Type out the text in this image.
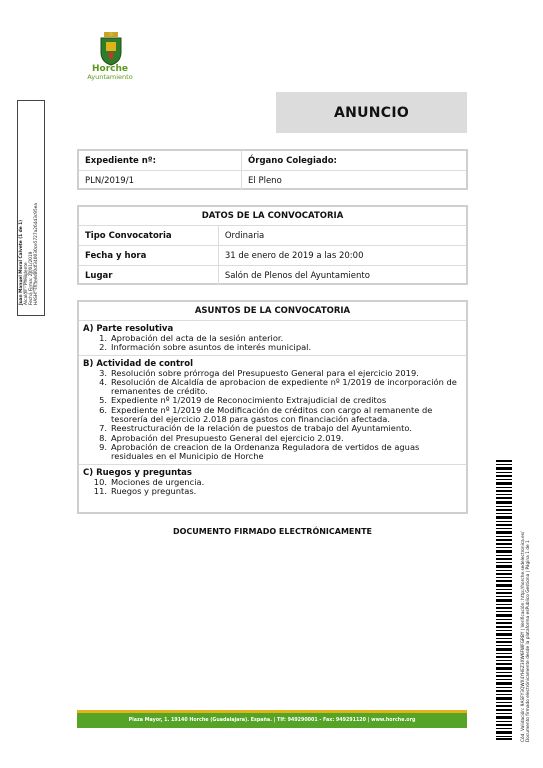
Horche
Ayuntamiento
ANUNCIO
Juan Manuel Moral Calvete (1 de 1) Alcalde - Presidente Fecha Firma: 28/01/2019 HASH: 7b5c4c80df340030ce5727a264d3c95ea
Expediente nº:	Órgano Colegiado:
PLN/2019/1	El Pleno
DATOS DE LA CONVOCATORIA	
Tipo Convocatoria	Ordinaria
Fecha y hora	31 de enero de 2019 a las 20:00
Lugar	Salón de Plenos del Ayuntamiento
ASUNTOS DE LA CONVOCATORIA
A) Parte resolutiva
1. Aprobación del acta de la sesión anterior.
2. Información sobre asuntos de interés municipal.
B) Actividad de control
3. Resolución sobre prórroga del Presupuesto General para el ejercicio 2019.
4. Resolución de Alcaldía de aprobacion de expediente nº 1/2019 de incorporación de remanentes de crédito.
5. Expediente nº 1/2019 de Reconocimiento Extrajudicial de creditos
6. Expediente nº 1/2019 de Modificación de créditos con cargo al remanente de tesorería del ejercicio 2.018 para gastos con financiación afectada.
7. Reestructuración de la relación de puestos de trabajo del Ayuntamiento.
8. Aprobación del Presupuesto General del ejercicio 2.019.
9. Aprobación de creacion de la Ordenanza Reguladora de vertidos de aguas residuales en el Municipio de Horche
C) Ruegos y preguntas
10. Mociones de urgencia.
11. Ruegos y preguntas.
DOCUMENTO FIRMADO ELECTRÓNICAMENTE	Cód. Validación: 9ASFY3QWX4YHEZ3XW6FWFGRBY | Verificación: http://horche.sedelectronica.es/ Documento firmado electrónicamente desde la plataforma esPublico Gestiona | Página 1 de 1
Plaza Mayor, 1. 19140 Horche (Guadalajara). España. | Tlf: 949290001 - Fax: 949291120 | www.horche.org
